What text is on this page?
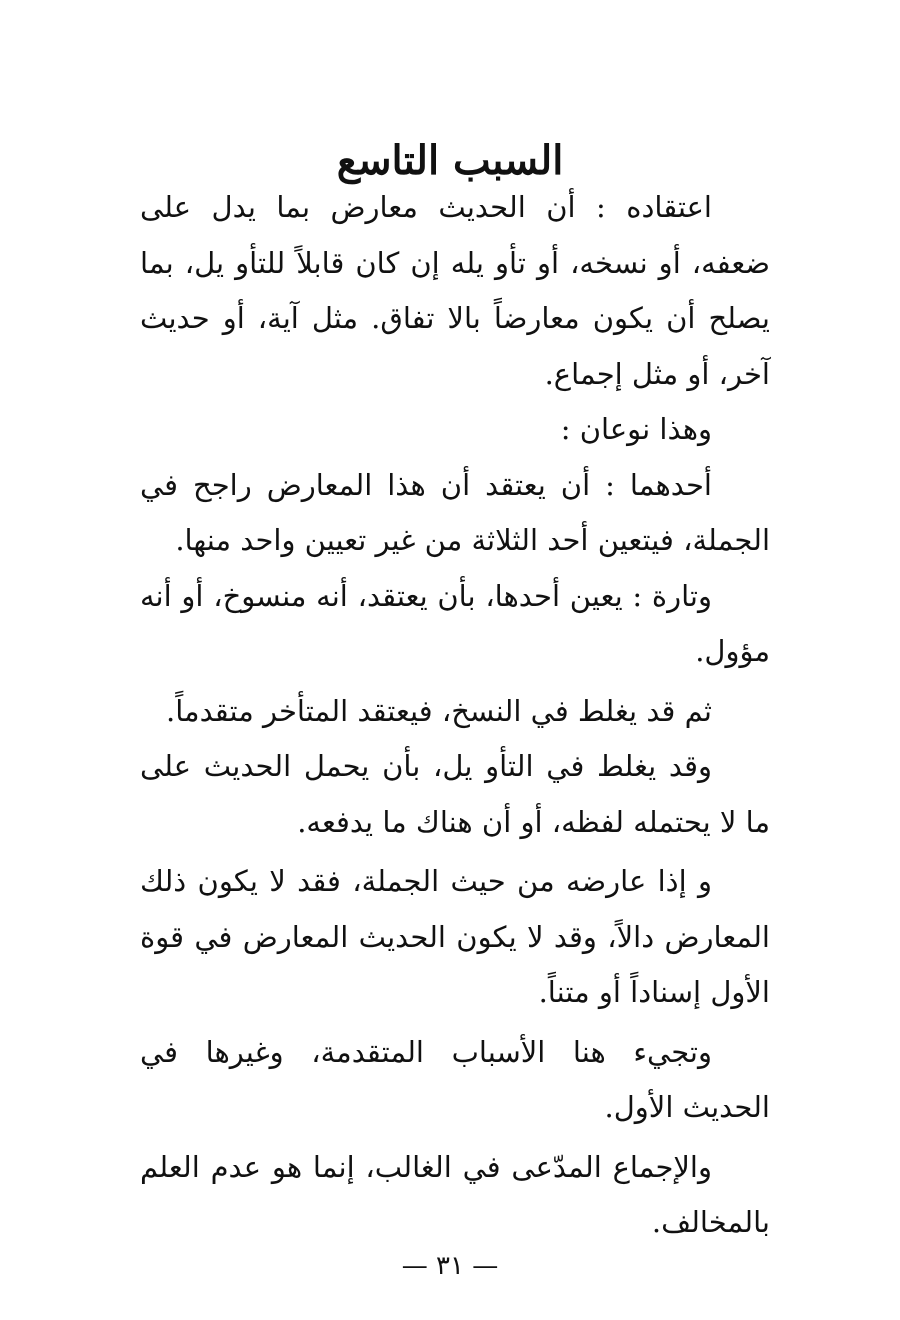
السبب التاسع

اعتقاده : أن الحديث معارض بما يدل على ضعفه، أو نسخه، أو تأو يله إن كان قابلاً للتأو يل، بما يصلح أن يكون معارضاً بالا تفاق. مثل آية، أو حديث آخر، أو مثل إجماع.

وهذا نوعان :

أحدهما : أن يعتقد أن هذا المعارض راجح في الجملة، فيتعين أحد الثلاثة من غير تعيين واحد منها.

وتارة : يعين أحدها، بأن يعتقد، أنه منسوخ، أو أنه مؤول.

ثم قد يغلط في النسخ، فيعتقد المتأخر متقدماً.

وقد يغلط في التأو يل، بأن يحمل الحديث على ما لا يحتمله لفظه، أو أن هناك ما يدفعه.

و إذا عارضه من حيث الجملة، فقد لا يكون ذلك المعارض دالاً، وقد لا يكون الحديث المعارض في قوة الأول إسناداً أو متناً.

وتجيء هنا الأسباب المتقدمة، وغيرها في الحديث الأول.

والإجماع المدّعى في الغالب، إنما هو عدم العلم بالمخالف.

— ٣١ —
